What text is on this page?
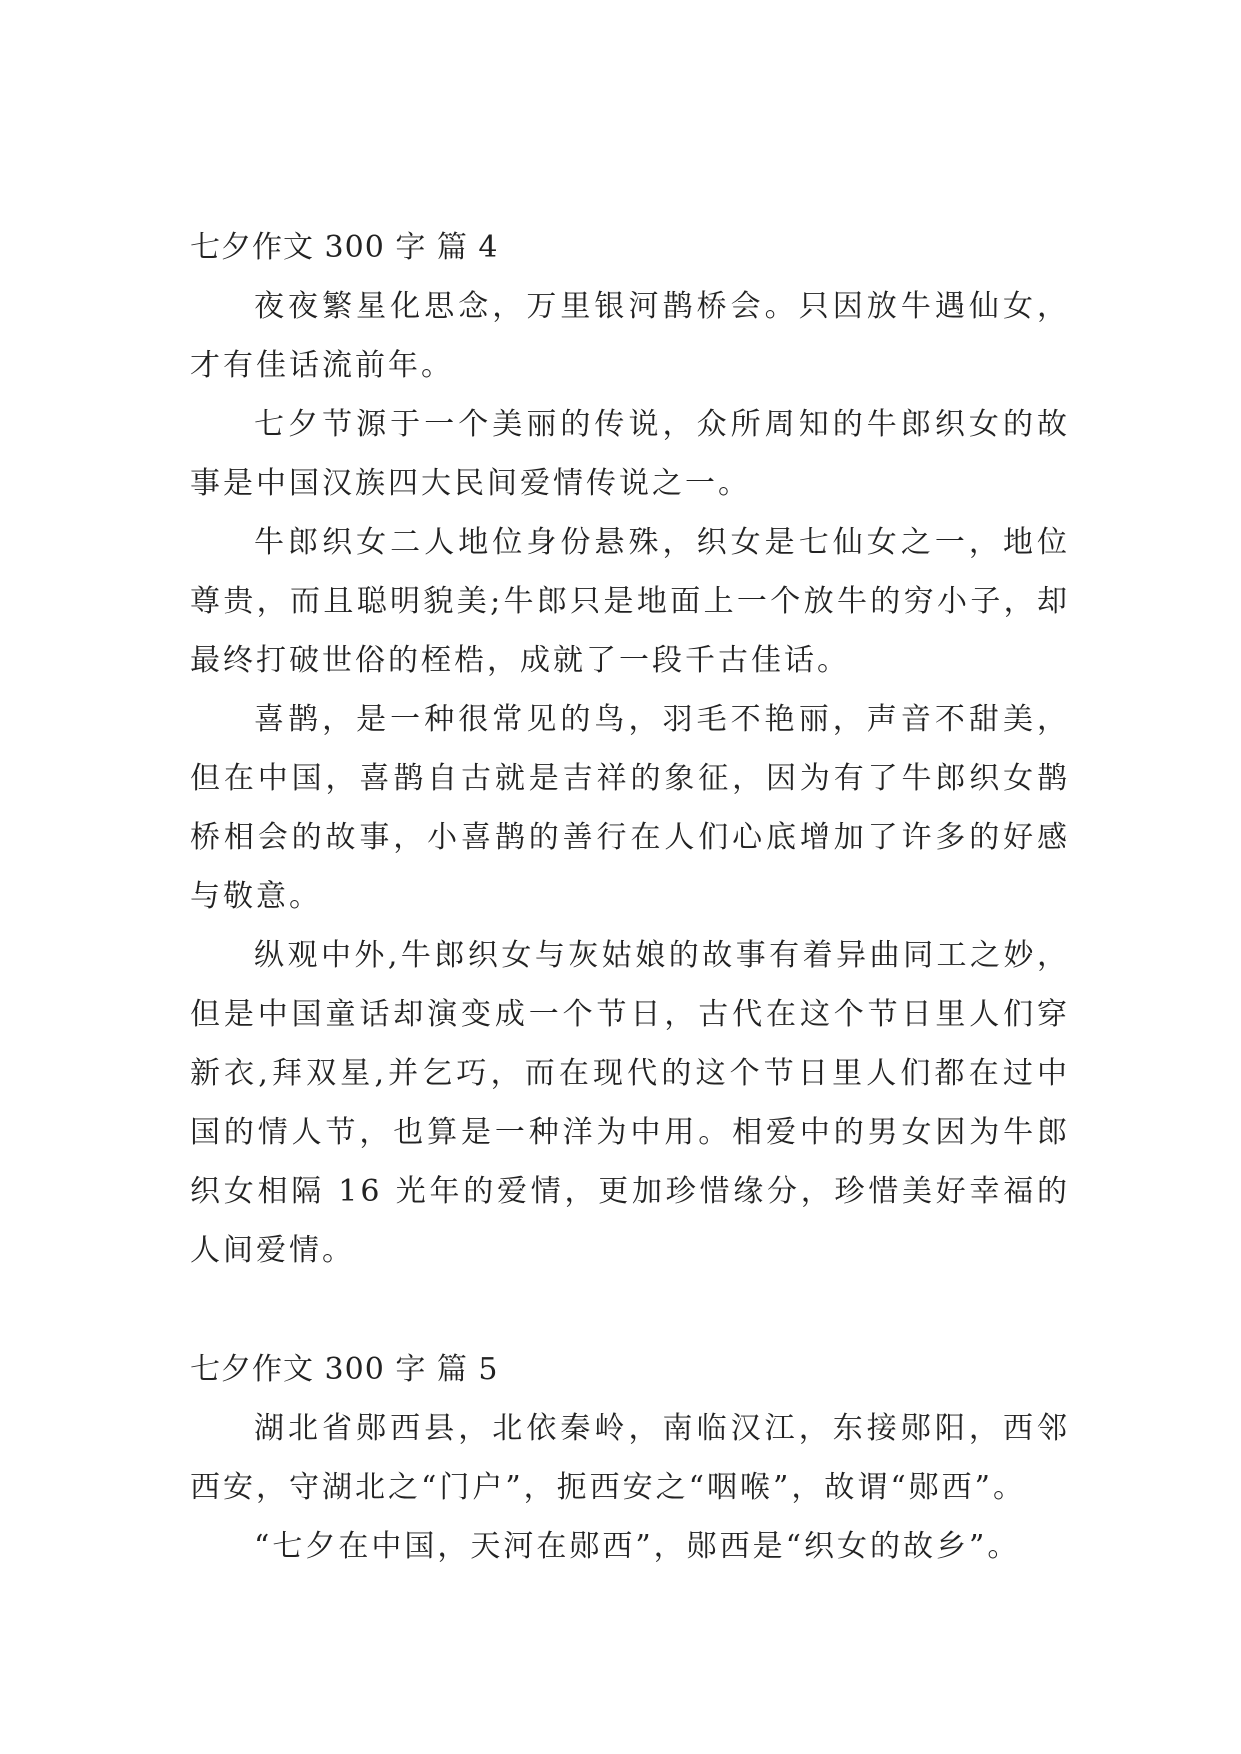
七夕作文 300 字 篇 4

夜夜繁星化思念，万里银河鹊桥会。只因放牛遇仙女，才有佳话流前年。

七夕节源于一个美丽的传说，众所周知的牛郎织女的故事是中国汉族四大民间爱情传说之一。

牛郎织女二人地位身份悬殊，织女是七仙女之一，地位尊贵，而且聪明貌美;牛郎只是地面上一个放牛的穷小子，却最终打破世俗的桎梏，成就了一段千古佳话。

喜鹊，是一种很常见的鸟，羽毛不艳丽，声音不甜美，但在中国，喜鹊自古就是吉祥的象征，因为有了牛郎织女鹊桥相会的故事，小喜鹊的善行在人们心底增加了许多的好感与敬意。

纵观中外,牛郎织女与灰姑娘的故事有着异曲同工之妙，但是中国童话却演变成一个节日，古代在这个节日里人们穿新衣,拜双星,并乞巧，而在现代的这个节日里人们都在过中国的情人节，也算是一种洋为中用。相爱中的男女因为牛郎织女相隔 16 光年的爱情，更加珍惜缘分，珍惜美好幸福的人间爱情。

七夕作文 300 字 篇 5

湖北省郧西县，北依秦岭，南临汉江，东接郧阳，西邻西安，守湖北之“门户”，扼西安之“咽喉”，故谓“郧西”。

“七夕在中国，天河在郧西”，郧西是“织女的故乡”。
